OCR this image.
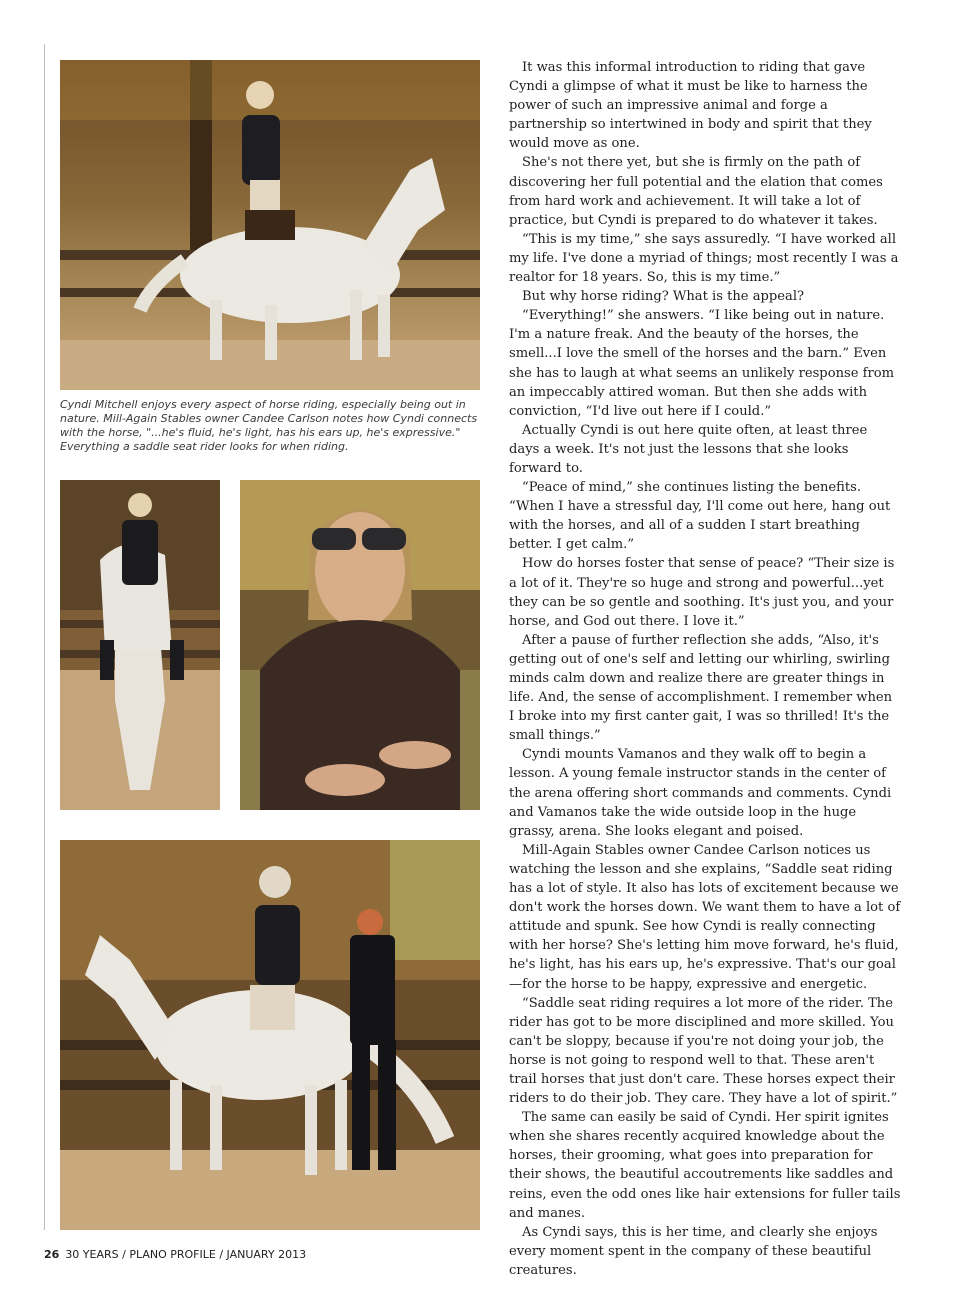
Cyndi Mitchell enjoys every aspect of horse riding, especially being out in nature. Mill-Again Stables owner Candee Carlson notes how Cyndi connects with the horse, "...he's fluid, he's light, has his ears up, he's expressive." Everything a saddle seat rider looks for when riding.

It was this informal introduction to riding that gave Cyndi a glimpse of what it must be like to harness the power of such an impressive animal and forge a partnership so intertwined in body and spirit that they would move as one.

She's not there yet, but she is firmly on the path of discovering her full potential and the elation that comes from hard work and achievement. It will take a lot of practice, but Cyndi is prepared to do whatever it takes.

“This is my time,” she says assuredly. “I have worked all my life. I've done a myriad of things; most recently I was a realtor for 18 years. So, this is my time.”

But why horse riding? What is the appeal?

“Everything!” she answers. “I like being out in nature. I'm a nature freak. And the beauty of the horses, the smell...I love the smell of the horses and the barn.” Even she has to laugh at what seems an unlikely response from an impeccably attired woman. But then she adds with conviction, “I'd live out here if I could.”

Actually Cyndi is out here quite often, at least three days a week. It's not just the lessons that she looks forward to.

“Peace of mind,” she continues listing the benefits. “When I have a stressful day, I'll come out here, hang out with the horses, and all of a sudden I start breathing better. I get calm.”

How do horses foster that sense of peace? “Their size is a lot of it. They're so huge and strong and powerful...yet they can be so gentle and soothing. It's just you, and your horse, and God out there. I love it.”

After a pause of further reflection she adds, “Also, it's getting out of one's self and letting our whirling, swirling minds calm down and realize there are greater things in life. And, the sense of accomplishment. I remember when I broke into my first canter gait, I was so thrilled! It's the small things.”

Cyndi mounts Vamanos and they walk off to begin a lesson. A young female instructor stands in the center of the arena offering short commands and comments. Cyndi and Vamanos take the wide outside loop in the huge grassy, arena. She looks elegant and poised.

Mill-Again Stables owner Candee Carlson notices us watching the lesson and she explains, “Saddle seat riding has a lot of style. It also has lots of excitement because we don't work the horses down. We want them to have a lot of attitude and spunk. See how Cyndi is really connecting with her horse? She's letting him move forward, he's fluid, he's light, has his ears up, he's expressive. That's our goal—for the horse to be happy, expressive and energetic.

“Saddle seat riding requires a lot more of the rider. The rider has got to be more disciplined and more skilled. You can't be sloppy, because if you're not doing your job, the horse is not going to respond well to that. These aren't trail horses that just don't care. These horses expect their riders to do their job. They care. They have a lot of spirit.”

The same can easily be said of Cyndi. Her spirit ignites when she shares recently acquired knowledge about the horses, their grooming, what goes into preparation for their shows, the beautiful accoutrements like saddles and reins, even the odd ones like hair extensions for fuller tails and manes.

As Cyndi says, this is her time, and clearly she enjoys every moment spent in the company of these beautiful creatures.

26 30 YEARS / PLANO PROFILE / JANUARY 2013
